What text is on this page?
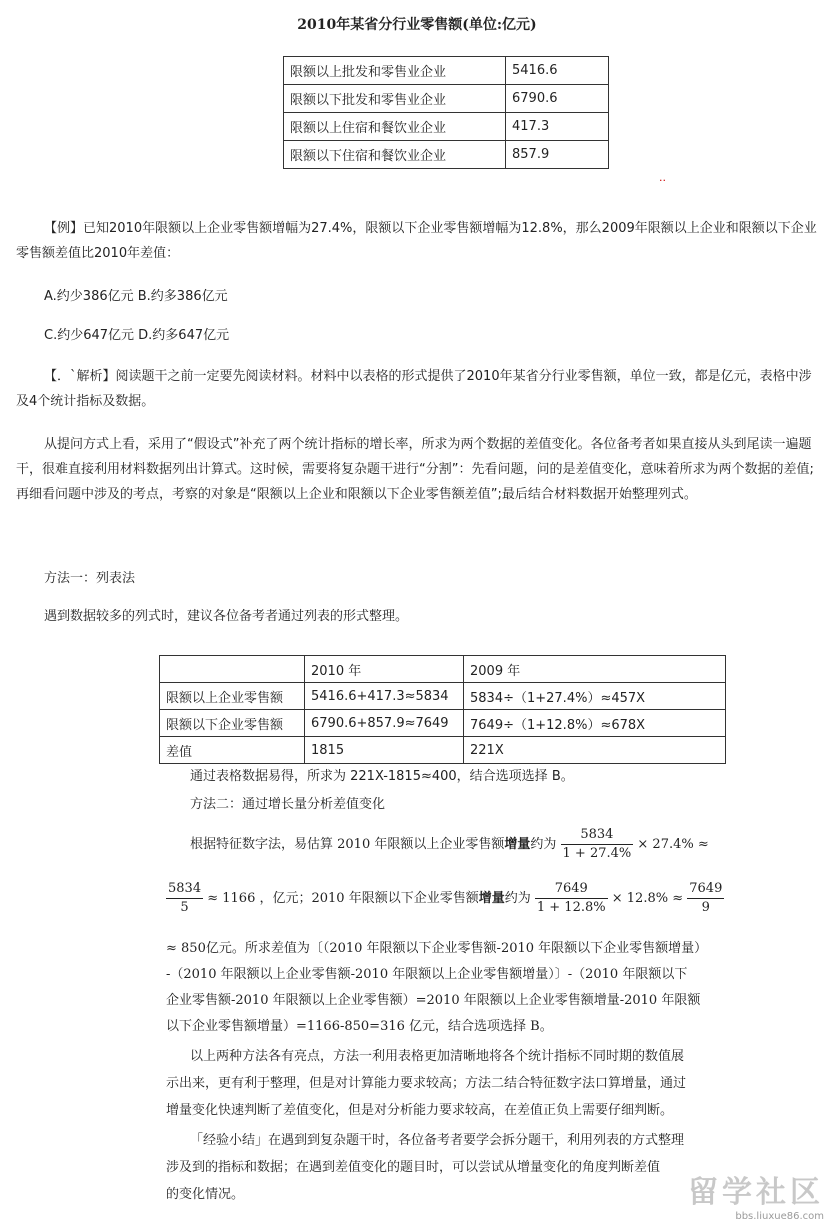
2010年某省分行业零售额(单位:亿元)
限额以上批发和零售业企业	5416.6
限额以下批发和零售业企业	6790.6
限额以上住宿和餐饮业企业	417.3
限额以下住宿和餐饮业企业	857.9
··
【例】已知2010年限额以上企业零售额增幅为27.4%，限额以下企业零售额增幅为12.8%，那么2009年限额以上企业和限额以下企业零售额差值比2010年差值：
A.约少386亿元 B.约多386亿元
C.约少647亿元 D.约多647亿元
【．`解析】阅读题干之前一定要先阅读材料。材料中以表格的形式提供了2010年某省分行业零售额，单位一致，都是亿元，表格中涉及4个统计指标及数据。
从提问方式上看，采用了“假设式”补充了两个统计指标的增长率，所求为两个数据的差值变化。各位备考者如果直接从头到尾读一遍题干，很难直接利用材料数据列出计算式。这时候，需要将复杂题干进行“分割”：先看问题，问的是差值变化，意味着所求为两个数据的差值;再细看问题中涉及的考点，考察的对象是“限额以上企业和限额以下企业零售额差值”;最后结合材料数据开始整理列式。
方法一：列表法
遇到数据较多的列式时，建议各位备考者通过列表的形式整理。
	2010 年	2009 年
限额以上企业零售额	5416.6+417.3≈5834	5834÷（1+27.4%）≈457X
限额以下企业零售额	6790.6+857.9≈7649	7649÷（1+12.8%）≈678X
差值	1815	221X
通过表格数据易得，所求为 221X-1815≈400，结合选项选择 B。
方法二：通过增长量分析差值变化
根据特征数字法，易估算 2010 年限额以上企业零售额增量约为 $\frac{5834}{1 + 27.4\%} \times 27.4\%$ ≈
$\frac{5834}{5} \approx 1166$ ，亿元；2010 年限额以下企业零售额增量约为 $\frac{7649}{1 + 12.8\%} \times 12.8\% \approx \frac{7649}{9}$
≈ 850亿元。所求差值为〔（2010 年限额以下企业零售额-2010 年限额以下企业零售额增量）
-（2010 年限额以上企业零售额-2010 年限额以上企业零售额增量）〕-（2010 年限额以下
企业零售额-2010 年限额以上企业零售额）=2010 年限额以上企业零售额增量-2010 年限额
以下企业零售额增量）=1166-850=316 亿元，结合选项选择 B。
以上两种方法各有亮点，方法一利用表格更加清晰地将各个统计指标不同时期的数值展
示出来，更有利于整理，但是对计算能力要求较高；方法二结合特征数字法口算增量，通过
增量变化快速判断了差值变化，但是对分析能力要求较高，在差值正负上需要仔细判断。
「经验小结」在遇到到复杂题干时，各位备考者要学会拆分题干，利用列表的方式整理
涉及到的指标和数据；在遇到差值变化的题目时，可以尝试从增量变化的角度判断差值
的变化情况。	留学社区
bbs.liuxue86.com
